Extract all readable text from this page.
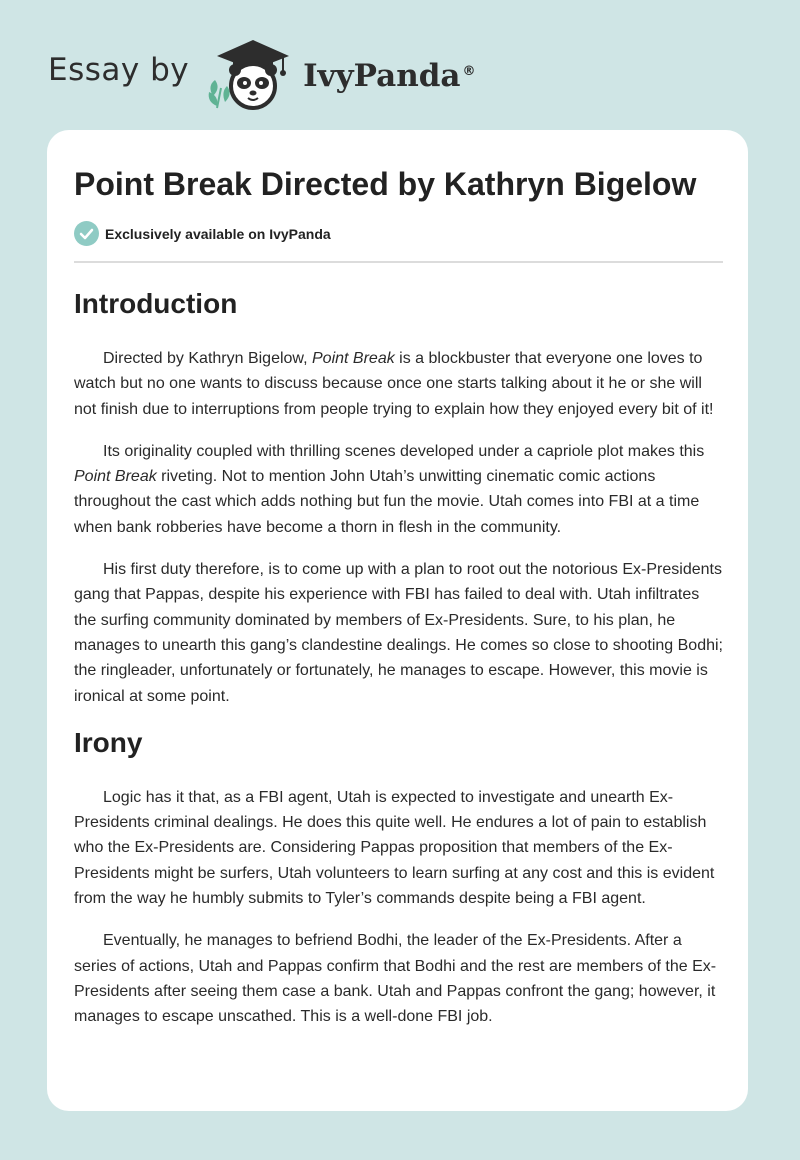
Essay by	IvyPanda ®
Point Break Directed by Kathryn Bigelow
Exclusively available on IvyPanda
Introduction

Directed by Kathryn Bigelow, Point Break is a blockbuster that everyone one loves to watch but no one wants to discuss because once one starts talking about it he or she will not finish due to interruptions from people trying to explain how they enjoyed every bit of it!

Its originality coupled with thrilling scenes developed under a capriole plot makes this Point Break riveting. Not to mention John Utah’s unwitting cinematic comic actions throughout the cast which adds nothing but fun the movie. Utah comes into FBI at a time when bank robberies have become a thorn in flesh in the community.

His first duty therefore, is to come up with a plan to root out the notorious Ex-Presidents gang that Pappas, despite his experience with FBI has failed to deal with. Utah infiltrates the surfing community dominated by members of Ex-Presidents. Sure, to his plan, he manages to unearth this gang’s clandestine dealings. He comes so close to shooting Bodhi; the ringleader, unfortunately or fortunately, he manages to escape. However, this movie is ironical at some point.

Irony

Logic has it that, as a FBI agent, Utah is expected to investigate and unearth Ex-Presidents criminal dealings. He does this quite well. He endures a lot of pain to establish who the Ex-Presidents are. Considering Pappas proposition that members of the Ex-Presidents might be surfers, Utah volunteers to learn surfing at any cost and this is evident from the way he humbly submits to Tyler’s commands despite being a FBI agent.

Eventually, he manages to befriend Bodhi, the leader of the Ex-Presidents. After a series of actions, Utah and Pappas confirm that Bodhi and the rest are members of the Ex-Presidents after seeing them case a bank. Utah and Pappas confront the gang; however, it manages to escape unscathed. This is a well-done FBI job.
